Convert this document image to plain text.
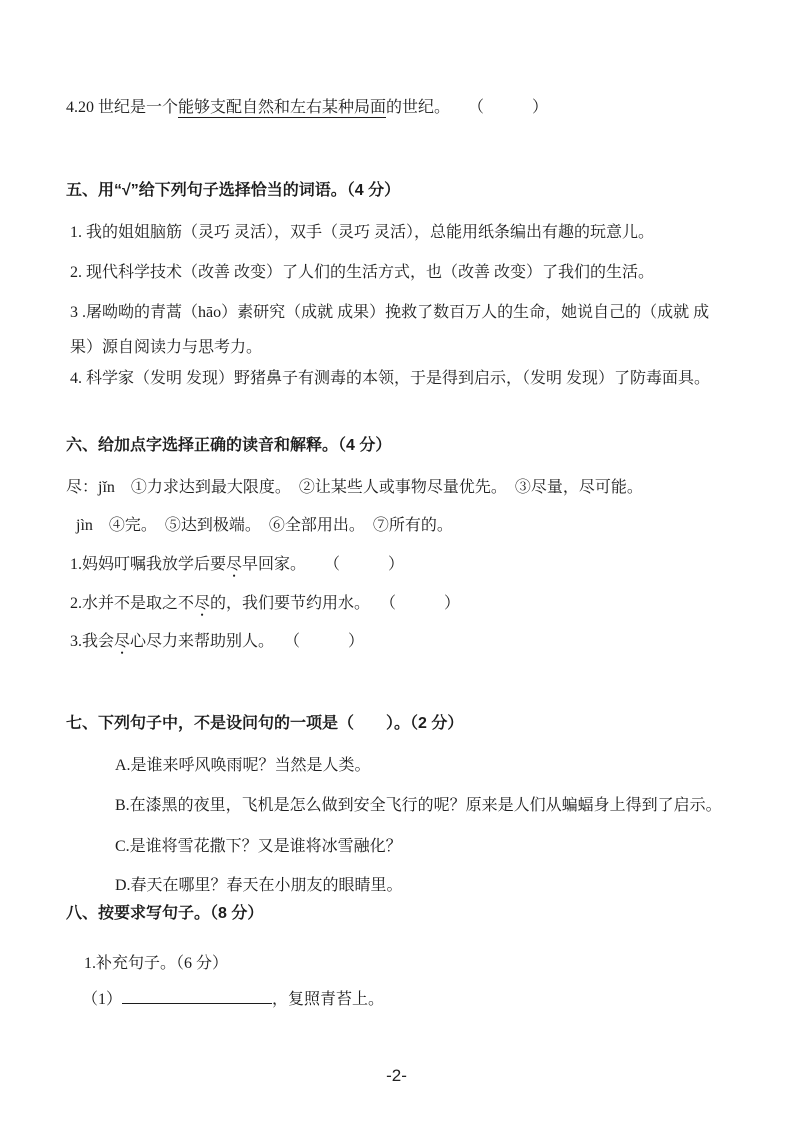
4.20 世纪是一个能够支配自然和左右某种局面的世纪。 （　　　）
五、用“√”给下列句子选择恰当的词语。（4 分）
1. 我的姐姐脑筋（灵巧 灵活），双手（灵巧 灵活），总能用纸条编出有趣的玩意儿。
2. 现代科学技术（改善 改变）了人们的生活方式，也（改善 改变）了我们的生活。
3 .屠呦呦的青蒿（hāo）素研究（成就 成果）挽救了数百万人的生命，她说自己的（成就 成
果）源自阅读力与思考力。
4. 科学家（发明 发现）野猪鼻子有测毒的本领，于是得到启示，（发明 发现）了防毒面具。
六、给加点字选择正确的读音和解释。（4 分）
尽：jǐn　①力求达到最大限度。　②让某些人或事物尽量优先。　③尽量，尽可能。
jìn　④完。　⑤达到极端。　⑥全部用出。　⑦所有的。
1.妈妈叮嘱我放学后要尽早回家。 （　　　）
2.水并不是取之不尽的，我们要节约用水。 （　　　）
3.我会尽心尽力来帮助别人。 （　　　）
七、下列句子中，不是设问句的一项是（　　）。（2 分）
A.是谁来呼风唤雨呢？当然是人类。
B.在漆黑的夜里，飞机是怎么做到安全飞行的呢？原来是人们从蝙蝠身上得到了启示。
C.是谁将雪花撒下？又是谁将冰雪融化？
D.春天在哪里？春天在小朋友的眼睛里。
八、按要求写句子。（8 分）
1.补充句子。（6 分）
（1）	，复照青苔上。
-2-
